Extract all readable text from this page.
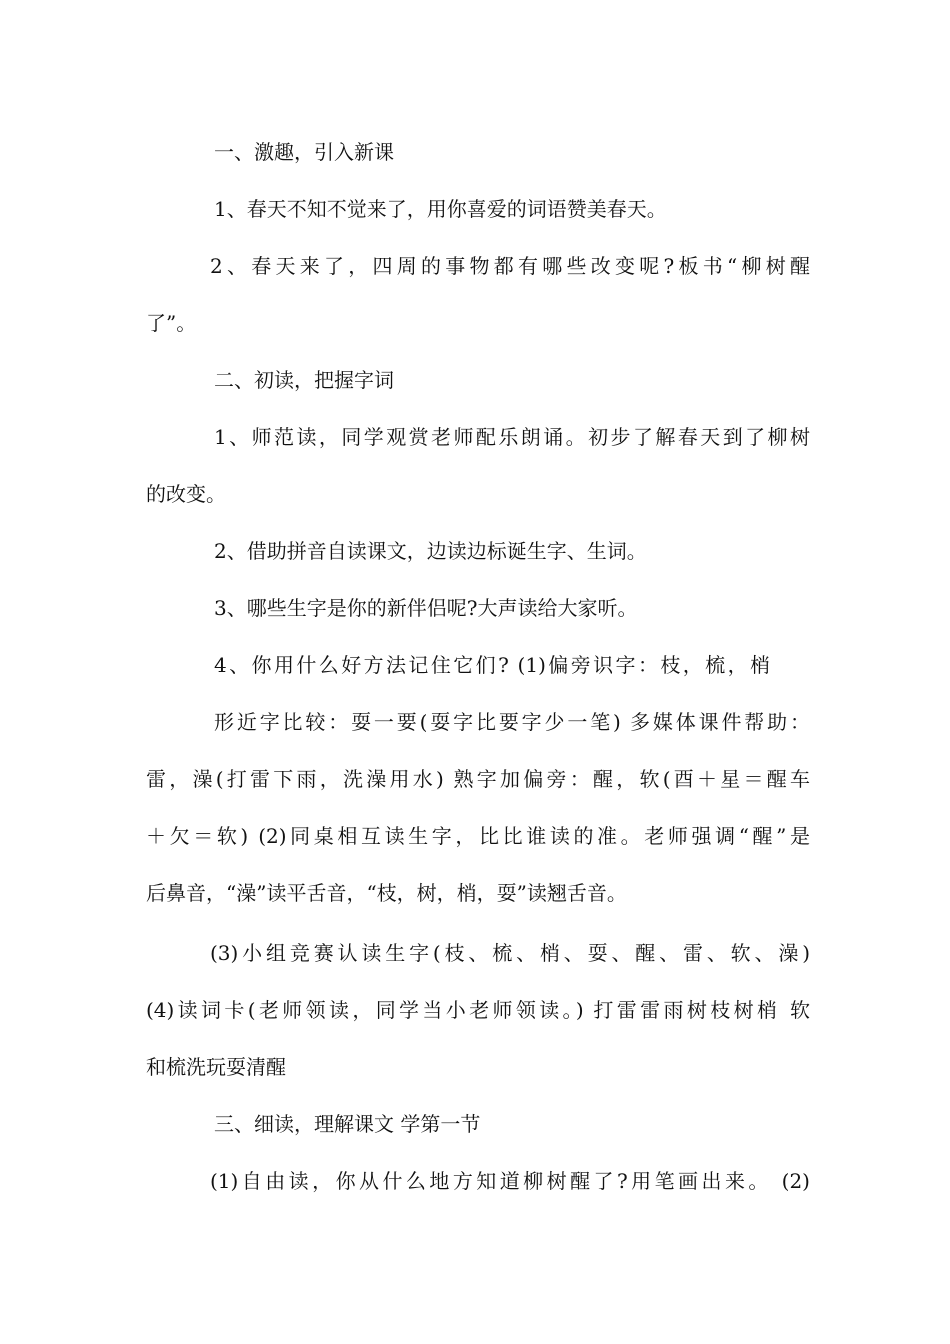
一、激趣，引入新课
1、春天不知不觉来了，用你喜爱的词语赞美春天。
2、春天来了，四周的事物都有哪些改变呢?板书“柳树醒
了”。
二、初读，把握字词
1、师范读，同学观赏老师配乐朗诵。初步了解春天到了柳树
的改变。
2、借助拼音自读课文，边读边标诞生字、生词。
3、哪些生字是你的新伴侣呢?大声读给大家听。
4、你用什么好方法记住它们? (1)偏旁识字：枝，梳，梢
形近字比较：耍一要(耍字比要字少一笔) 多媒体课件帮助：
雷，澡(打雷下雨，洗澡用水) 熟字加偏旁：醒，软(酉＋星＝醒车
＋欠＝软) (2)同桌相互读生字，比比谁读的准。老师强调“醒”是
后鼻音，“澡”读平舌音，“枝，树，梢，耍”读翘舌音。
(3)小组竞赛认读生字(枝、梳、梢、耍、醒、雷、软、澡)
(4)读词卡(老师领读，同学当小老师领读。) 打雷雷雨树枝树梢 软
和梳洗玩耍清醒
三、细读，理解课文 学第一节
(1)自由读，你从什么地方知道柳树醒了?用笔画出来。 (2)
